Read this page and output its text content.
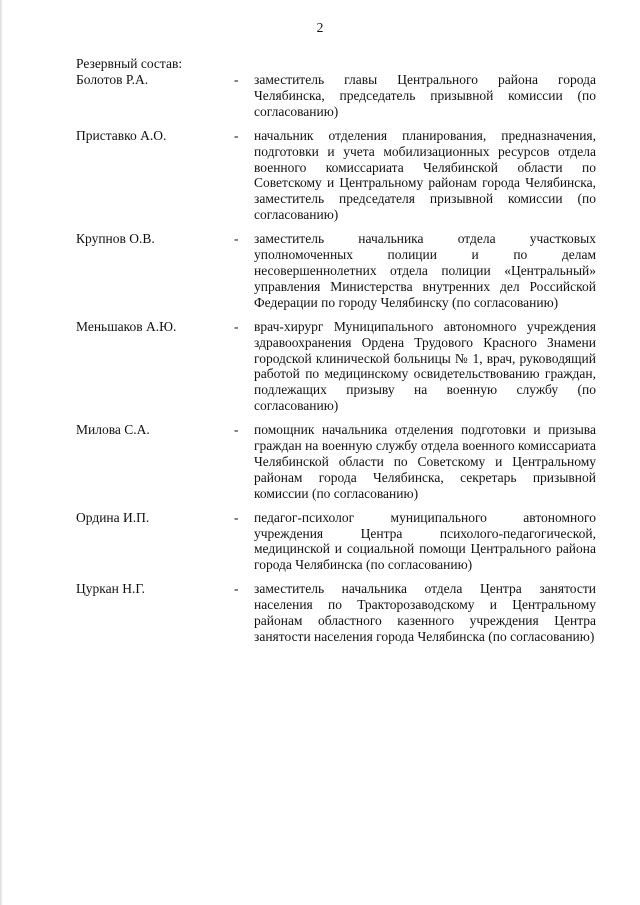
2
Резервный состав:
Болотов Р.А.	-	заместитель главы Центрального района города Челябинска, председатель призывной комиссии (по согласованию)
Приставко А.О.	-	начальник отделения планирования, предназначения, подготовки и учета мобилизационных ресурсов отдела военного комиссариата Челябинской области по Советскому и Центральному районам города Челябинска, заместитель председателя призывной комиссии (по согласованию)
Крупнов О.В.	-	заместитель начальника отдела участковых уполномоченных полиции и по делам несовершеннолетних отдела полиции «Центральный» управления Министерства внутренних дел Российской Федерации по городу Челябинску (по согласованию)
Меньшаков А.Ю.	-	врач-хирург Муниципального автономного учреждения здравоохранения Ордена Трудового Красного Знамени городской клинической больницы № 1, врач, руководящий работой по медицинскому освидетельствованию граждан, подлежащих призыву на военную службу (по согласованию)
Милова С.А.	-	помощник начальника отделения подготовки и призыва граждан на военную службу отдела военного комиссариата Челябинской области по Советскому и Центральному районам города Челябинска, секретарь призывной комиссии (по согласованию)
Ордина И.П.	-	педагог-психолог муниципального автономного учреждения Центра психолого-педагогической, медицинской и социальной помощи Центрального района города Челябинска (по согласованию)
Цуркан Н.Г.	-	заместитель начальника отдела Центра занятости населения по Тракторозаводскому и Центральному районам областного казенного учреждения Центра занятости населения города Челябинска (по согласованию)
